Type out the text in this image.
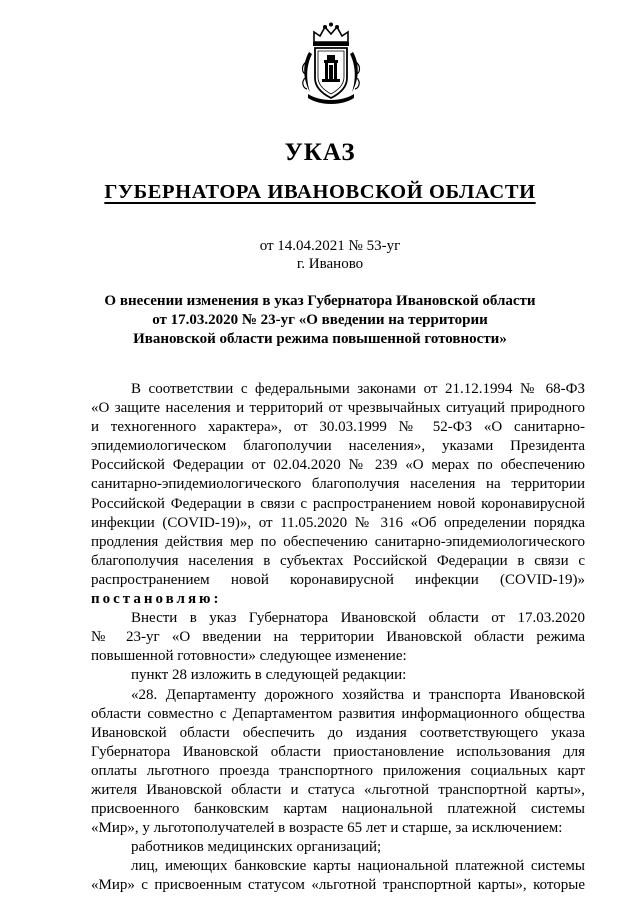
УКАЗ
ГУБЕРНАТОРА ИВАНОВСКОЙ ОБЛАСТИ
от 14.04.2021 № 53-уг
г. Иваново
О внесении изменения в указ Губернатора Ивановской области
от 17.03.2020 № 23-уг «О введении на территории
Ивановской области режима повышенной готовности»
В соответствии с федеральными законами от 21.12.1994 № 68-ФЗ
«О защите населения и территорий от чрезвычайных ситуаций природного
и техногенного характера», от 30.03.1999 № 52-ФЗ «О санитарно-
эпидемиологическом благополучии населения», указами Президента
Российской Федерации от 02.04.2020 № 239 «О мерах по обеспечению
санитарно-эпидемиологического благополучия населения на территории
Российской Федерации в связи с распространением новой коронавирусной
инфекции (COVID-19)», от 11.05.2020 № 316 «Об определении порядка
продления действия мер по обеспечению санитарно-эпидемиологического
благополучия населения в субъектах Российской Федерации в связи с
распространением новой коронавирусной инфекции (COVID-19)»
постановляю:
Внести в указ Губернатора Ивановской области от 17.03.2020
№ 23-уг «О введении на территории Ивановской области режима
повышенной готовности» следующее изменение:
пункт 28 изложить в следующей редакции:
«28. Департаменту дорожного хозяйства и транспорта Ивановской
области совместно с Департаментом развития информационного общества
Ивановской области обеспечить до издания соответствующего указа
Губернатора Ивановской области приостановление использования для
оплаты льготного проезда транспортного приложения социальных карт
жителя Ивановской области и статуса «льготной транспортной карты»,
присвоенного банковским картам национальной платежной системы
«Мир», у льготополучателей в возрасте 65 лет и старше, за исключением:
работников медицинских организаций;
лиц, имеющих банковские карты национальной платежной системы
«Мир» с присвоенным статусом «льготной транспортной карты», которые
